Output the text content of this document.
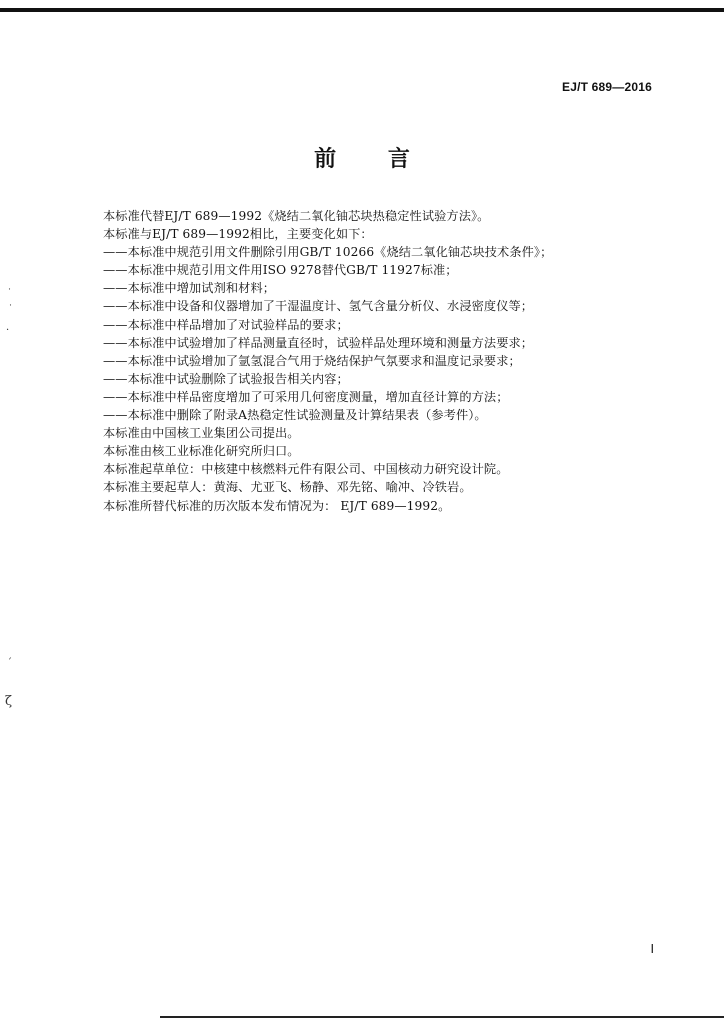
EJ/T 689—2016
前 言
本标准代替EJ/T 689—1992《烧结二氧化铀芯块热稳定性试验方法》。
本标准与EJ/T 689—1992相比，主要变化如下：
——本标准中规范引用文件删除引用GB/T 10266《烧结二氧化铀芯块技术条件》；
——本标准中规范引用文件用ISO 9278替代GB/T 11927标准；
——本标准中增加试剂和材料；
——本标准中设备和仪器增加了干湿温度计、氢气含量分析仪、水浸密度仪等；
——本标准中样品增加了对试验样品的要求；
——本标准中试验增加了样品测量直径时，试验样品处理环境和测量方法要求；
——本标准中试验增加了氩氢混合气用于烧结保护气氛要求和温度记录要求；
——本标准中试验删除了试验报告相关内容；
——本标准中样品密度增加了可采用几何密度测量，增加直径计算的方法；
——本标准中删除了附录A热稳定性试验测量及计算结果表（参考件）。
本标准由中国核工业集团公司提出。
本标准由核工业标准化研究所归口。
本标准起草单位：中核建中核燃料元件有限公司、中国核动力研究设计院。
本标准主要起草人：黄海、尤亚飞、杨静、邓先铭、喻冲、冷铁岩。
本标准所替代标准的历次版本发布情况为： EJ/T 689—1992。
˙
˙
·
ˊ
ζ
I
